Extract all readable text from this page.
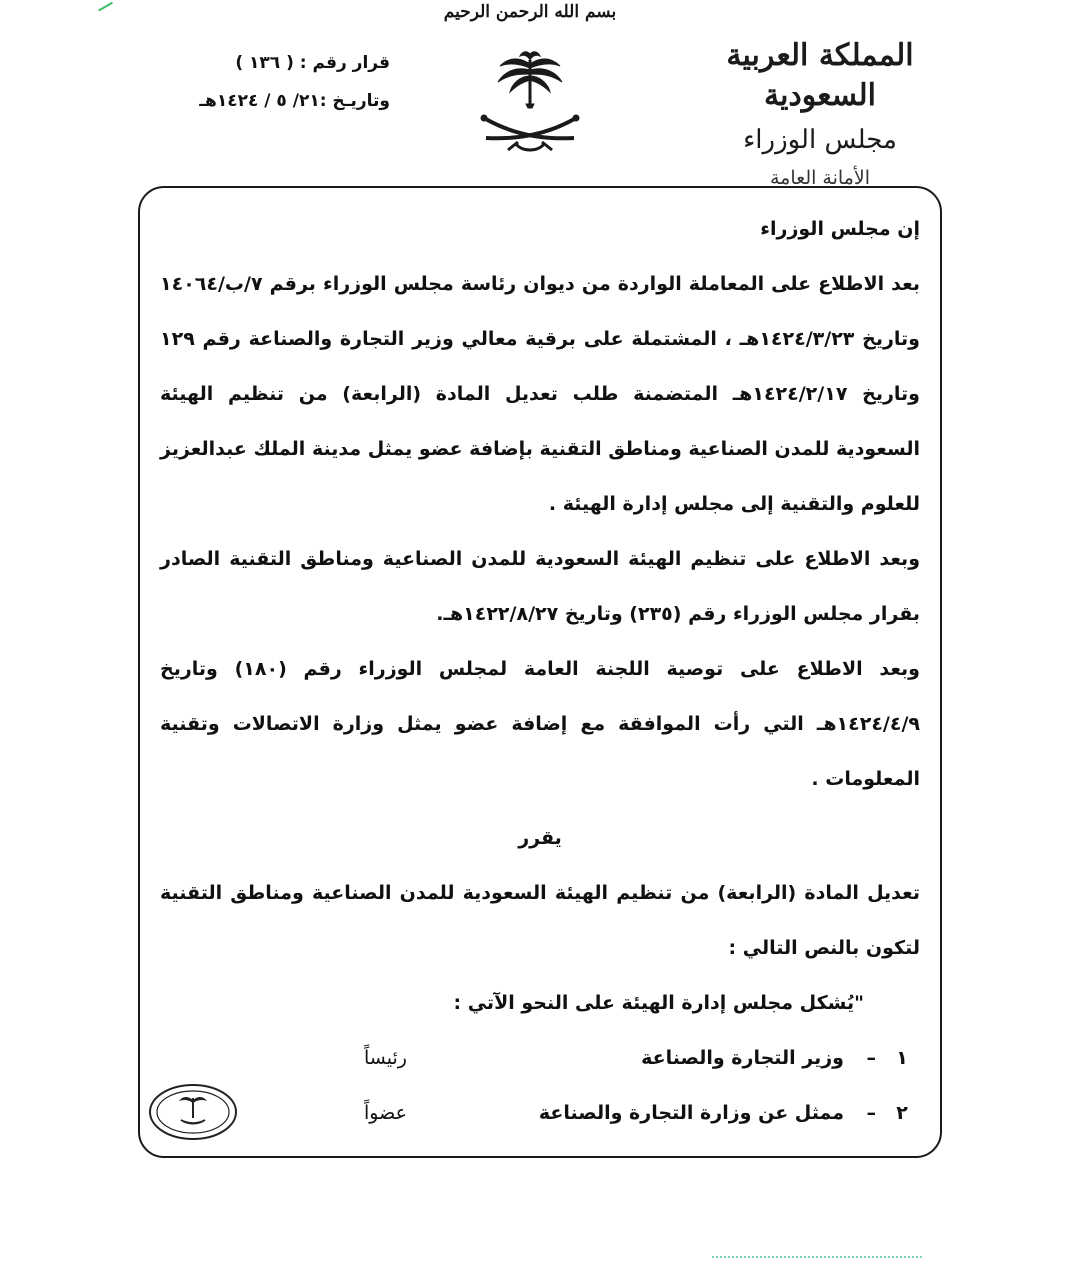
بسم الله الرحمن الرحيم
المملكة العربية السعودية
مجلس الوزراء
الأمانة العامة
قرار رقم : ( ١٣٦ )
وتاريـخ :٢١/ ٥ / ١٤٢٤هـ

إن مجلس الوزراء

بعد الاطلاع على المعاملة الواردة من ديوان رئاسة مجلس الوزراء برقم ٧/ب/١٤٠٦٤ وتاريخ ١٤٢٤/٣/٢٣هـ ، المشتملة على برقية معالي وزير التجارة والصناعة رقم ١٢٩ وتاريخ ١٤٢٤/٢/١٧هـ المتضمنة طلب تعديل المادة (الرابعة) من تنظيم الهيئة السعودية للمدن الصناعية ومناطق التقنية بإضافة عضو يمثل مدينة الملك عبدالعزيز للعلوم والتقنية إلى مجلس إدارة الهيئة .

وبعد الاطلاع على تنظيم الهيئة السعودية للمدن الصناعية ومناطق التقنية الصادر بقرار مجلس الوزراء رقم (٢٣٥) وتاريخ ١٤٢٢/٨/٢٧هـ.

وبعد الاطلاع على توصية اللجنة العامة لمجلس الوزراء رقم (١٨٠) وتاريخ ١٤٢٤/٤/٩هـ التي رأت الموافقة مع إضافة عضو يمثل وزارة الاتصالات وتقنية المعلومات .

يقرر

تعديل المادة (الرابعة) من تنظيم الهيئة السعودية للمدن الصناعية ومناطق التقنية لتكون بالنص التالي :

"يُشكل مجلس إدارة الهيئة على النحو الآتي :

١
–
وزير التجارة والصناعة
رئيساً
٢
–
ممثل عن وزارة التجارة والصناعة
عضواً
